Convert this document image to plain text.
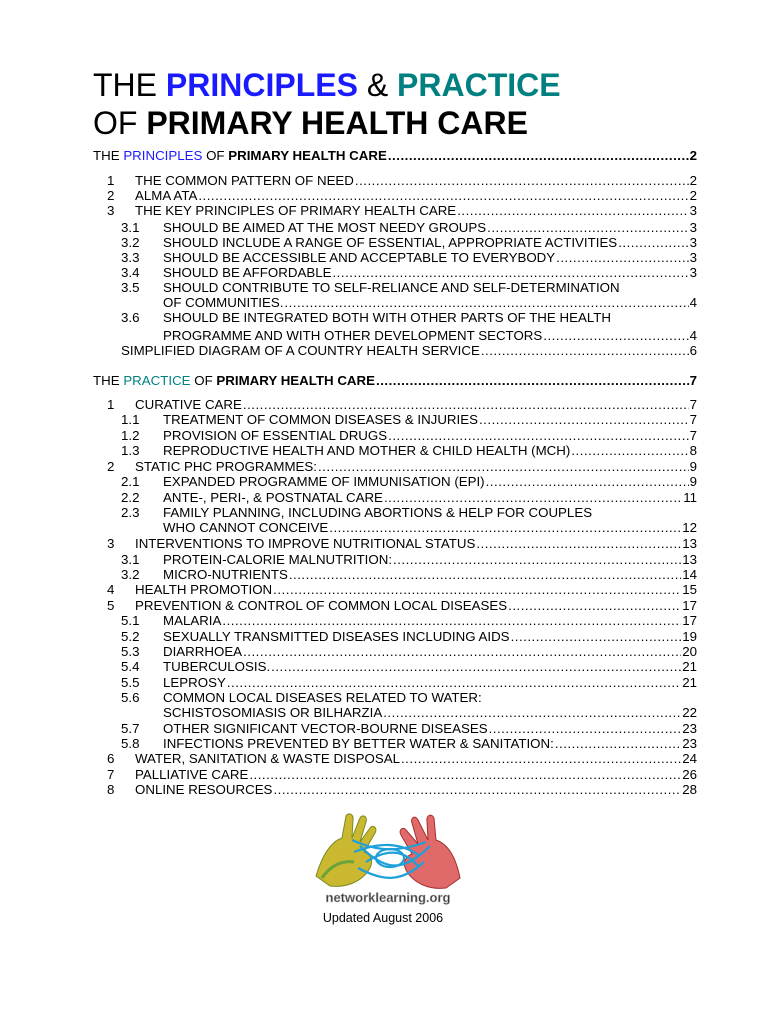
THE PRINCIPLES & PRACTICE
OF PRIMARY HEALTH CARE
THE PRINCIPLES OF PRIMARY HEALTH CARE .....	2
1 THE COMMON PATTERN OF NEED .....	2
2 ALMA ATA .....	2
3 THE KEY PRINCIPLES OF PRIMARY HEALTH CARE .....	3
3.1 SHOULD BE AIMED AT THE MOST NEEDY GROUPS .....	3
3.2 SHOULD INCLUDE A RANGE OF ESSENTIAL, APPROPRIATE ACTIVITIES .....	3
3.3 SHOULD BE ACCESSIBLE AND ACCEPTABLE TO EVERYBODY .....	3
3.4 SHOULD BE AFFORDABLE .....	3
3.5 SHOULD CONTRIBUTE TO SELF-RELIANCE AND SELF-DETERMINATION
OF COMMUNITIES. .....	4
3.6 SHOULD BE INTEGRATED BOTH WITH OTHER PARTS OF THE HEALTH
PROGRAMME AND WITH OTHER DEVELOPMENT SECTORS .....	4
SIMPLIFIED DIAGRAM OF A COUNTRY HEALTH SERVICE .....	6
THE PRACTICE OF PRIMARY HEALTH CARE .....	7
1 CURATIVE CARE .....	7
1.1 TREATMENT OF COMMON DISEASES & INJURIES .....	7
1.2 PROVISION OF ESSENTIAL DRUGS .....	7
1.3 REPRODUCTIVE HEALTH AND MOTHER & CHILD HEALTH (MCH) .....	8
2 STATIC PHC PROGRAMMES: .....	9
2.1 EXPANDED PROGRAMME OF IMMUNISATION (EPI) .....	9
2.2 ANTE-, PERI-, & POSTNATAL CARE .....	11
2.3 FAMILY PLANNING, INCLUDING ABORTIONS & HELP FOR COUPLES
WHO CANNOT CONCEIVE .....	12
3 INTERVENTIONS TO IMPROVE NUTRITIONAL STATUS .....	13
3.1 PROTEIN-CALORIE MALNUTRITION: .....	13
3.2 MICRO-NUTRIENTS .....	14
4 HEALTH PROMOTION .....	15
5 PREVENTION & CONTROL OF COMMON LOCAL DISEASES .....	17
5.1 MALARIA .....	17
5.2 SEXUALLY TRANSMITTED DISEASES INCLUDING AIDS .....	19
5.3 DIARRHOEA .....	20
5.4 TUBERCULOSIS. .....	21
5.5 LEPROSY .....	21
5.6 COMMON LOCAL DISEASES RELATED TO WATER:
SCHISTOSOMIASIS OR BILHARZIA .....	22
5.7 OTHER SIGNIFICANT VECTOR-BOURNE DISEASES .....	23
5.8 INFECTIONS PREVENTED BY BETTER WATER & SANITATION: .....	23
6 WATER, SANITATION & WASTE DISPOSAL .....	24
7 PALLIATIVE CARE .....	26
8 ONLINE RESOURCES .....	28
networklearning.org
Updated August 2006
